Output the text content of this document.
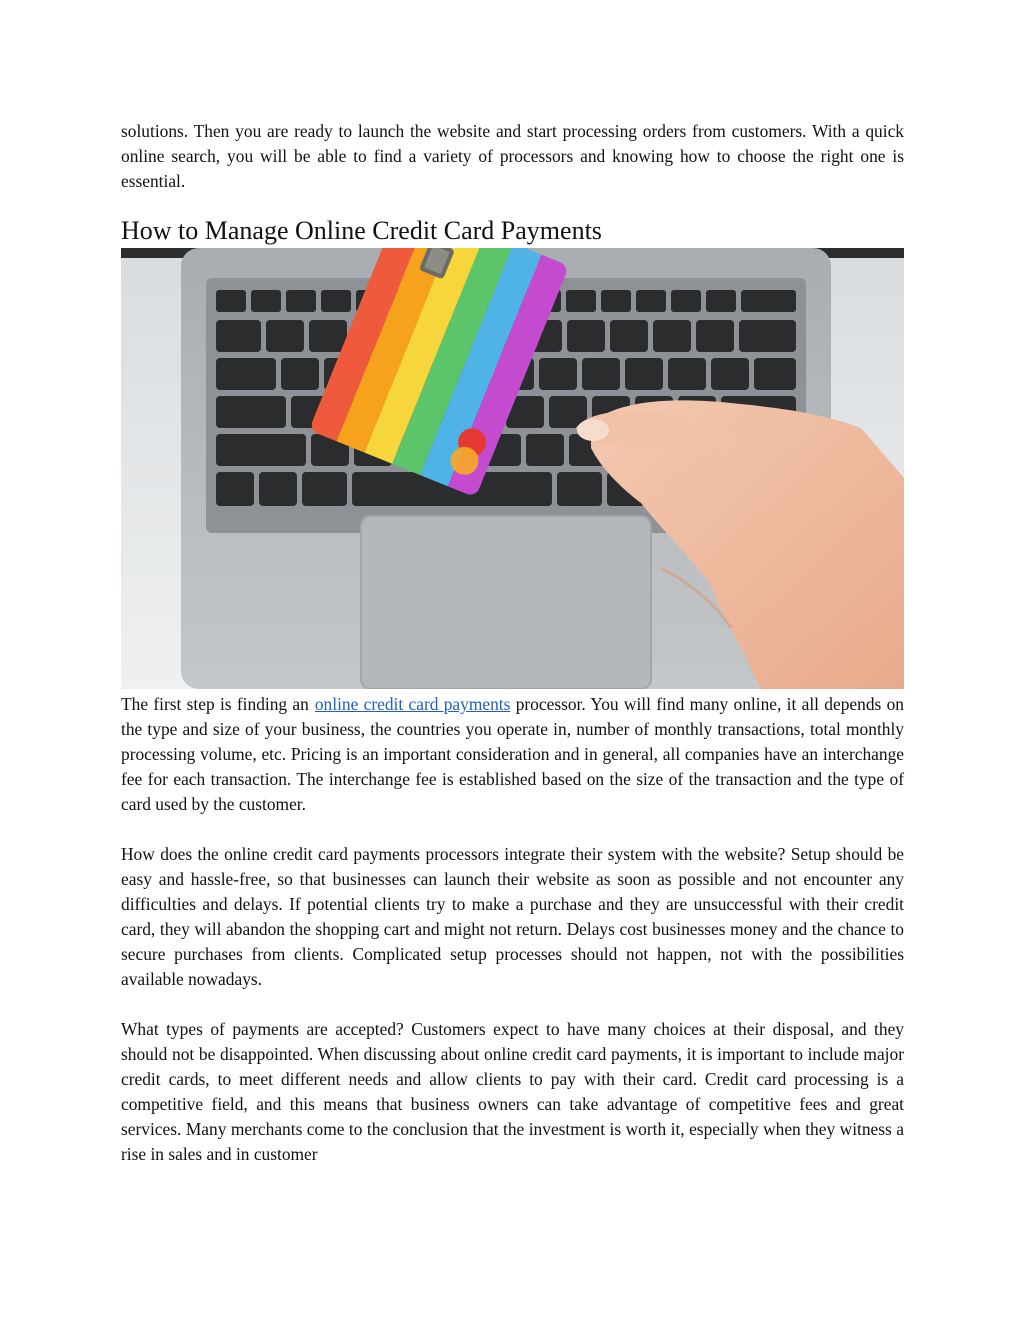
solutions. Then you are ready to launch the website and start processing orders from customers. With a quick online search, you will be able to find a variety of processors and knowing how to choose the right one is essential.

How to Manage Online Credit Card Payments

The first step is finding an online credit card payments processor. You will find many online, it all depends on the type and size of your business, the countries you operate in, number of monthly transactions, total monthly processing volume, etc. Pricing is an important consideration and in general, all companies have an interchange fee for each transaction. The interchange fee is established based on the size of the transaction and the type of card used by the customer.

How does the online credit card payments processors integrate their system with the website? Setup should be easy and hassle-free, so that businesses can launch their website as soon as possible and not encounter any difficulties and delays. If potential clients try to make a purchase and they are unsuccessful with their credit card, they will abandon the shopping cart and might not return. Delays cost businesses money and the chance to secure purchases from clients. Complicated setup processes should not happen, not with the possibilities available nowadays.

What types of payments are accepted? Customers expect to have many choices at their disposal, and they should not be disappointed. When discussing about online credit card payments, it is important to include major credit cards, to meet different needs and allow clients to pay with their card. Credit card processing is a competitive field, and this means that business owners can take advantage of competitive fees and great services. Many merchants come to the conclusion that the investment is worth it, especially when they witness a rise in sales and in customer
